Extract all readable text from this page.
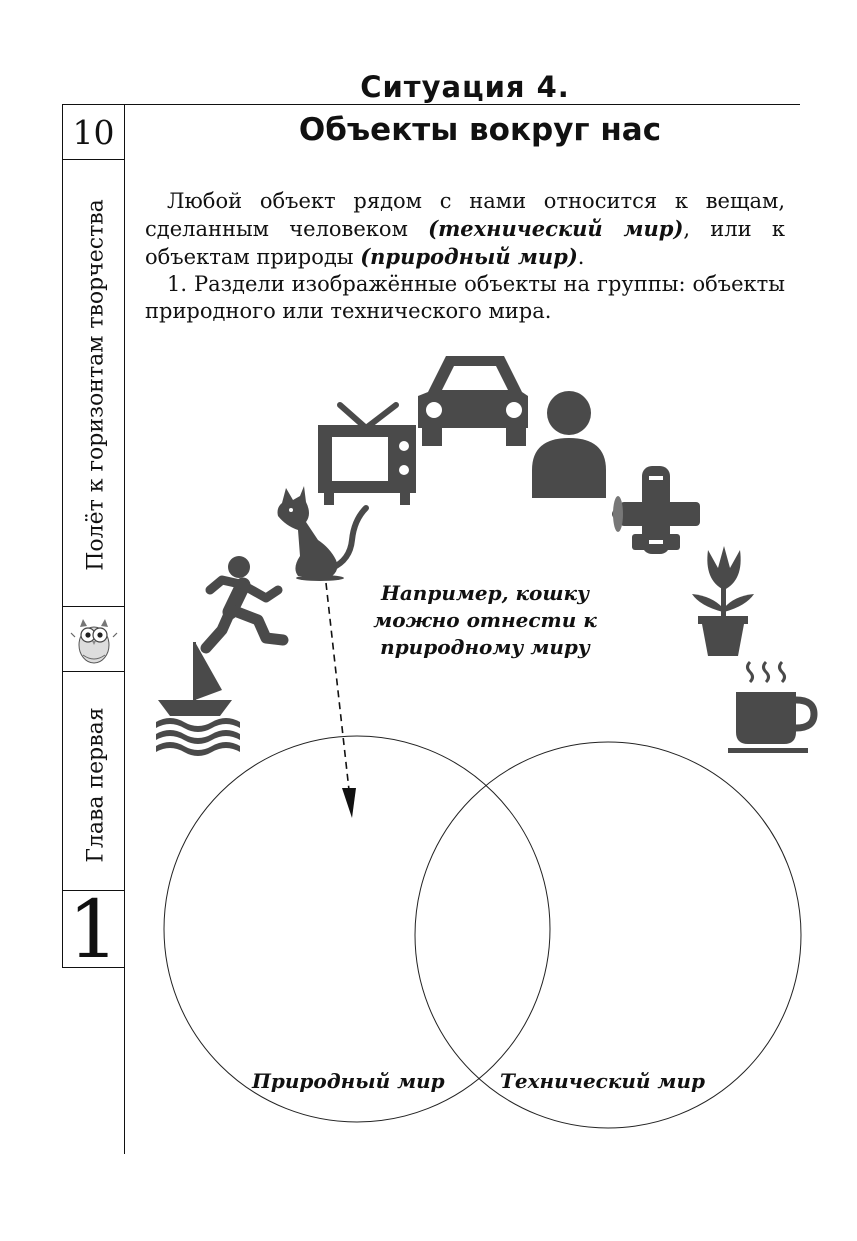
Ситуация 4.
Объекты вокруг нас
10
Полёт к горизонтам творчества
Глава первая
1

Любой объект рядом с нами относится к вещам, сделанным человеком (технический мир), или к объектам природы (природный мир).

1. Раздели изображённые объекты на группы: объекты природного или технического мира.

Например, кошку можно отнести к природному миру
Природный мир	Технический мир
